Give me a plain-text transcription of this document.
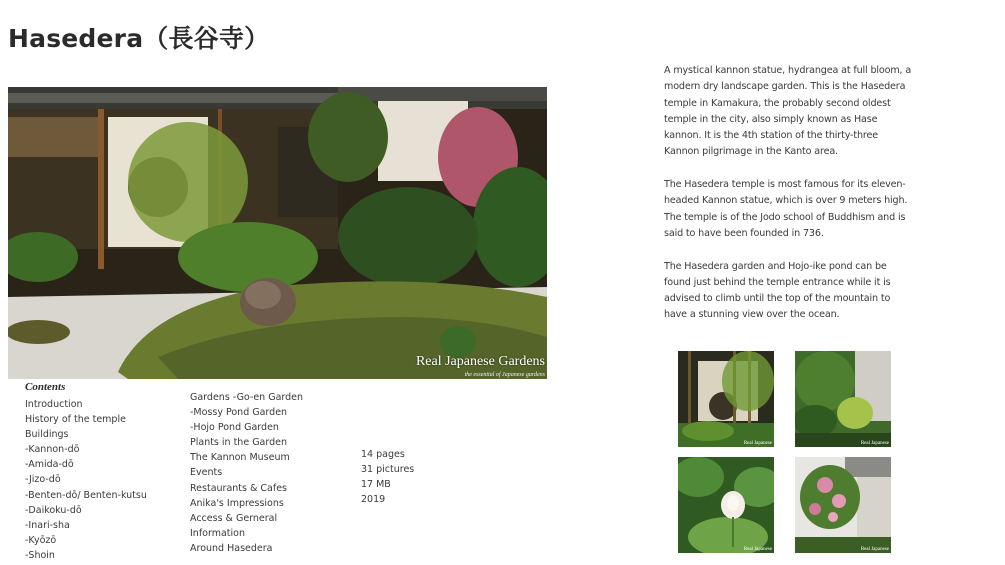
Hasedera（長谷寺）
Real Japanese Gardens
the essential of Japanese gardens
Contents
Introduction
History of the temple
Buildings
-Kannon-dō
-Amida-dō
-Jizo-dō
-Benten-dō/ Benten-kutsu
-Daikoku-dō
-Inari-sha
-Kyōzō
-Shoin
Gardens -Go-en Garden
-Mossy Pond Garden
-Hojo Pond Garden
Plants in the Garden
The Kannon Museum
Events
Restaurants & Cafes
Anika's Impressions
Access & Gerneral
Information
Around Hasedera
14 pages
31 pictures
17 MB
2019

A mystical kannon statue, hydrangea at full bloom, a modern dry landscape garden. This is the Hasedera temple in Kamakura, the probably second oldest temple in the city, also simply known as Hase kannon. It is the 4th station of the thirty-three Kannon pilgrimage in the Kanto area.

The Hasedera temple is most famous for its eleven-headed Kannon statue, which is over 9 meters high. The temple is of the Jodo school of Buddhism and is said to have been founded in 736.

The Hasedera garden and Hojo-ike pond can be found just behind the temple entrance while it is advised to climb until the top of the mountain to have a stunning view over the ocean.

Real Japanese	Real Japanese
Real Japanese	Real Japanese
